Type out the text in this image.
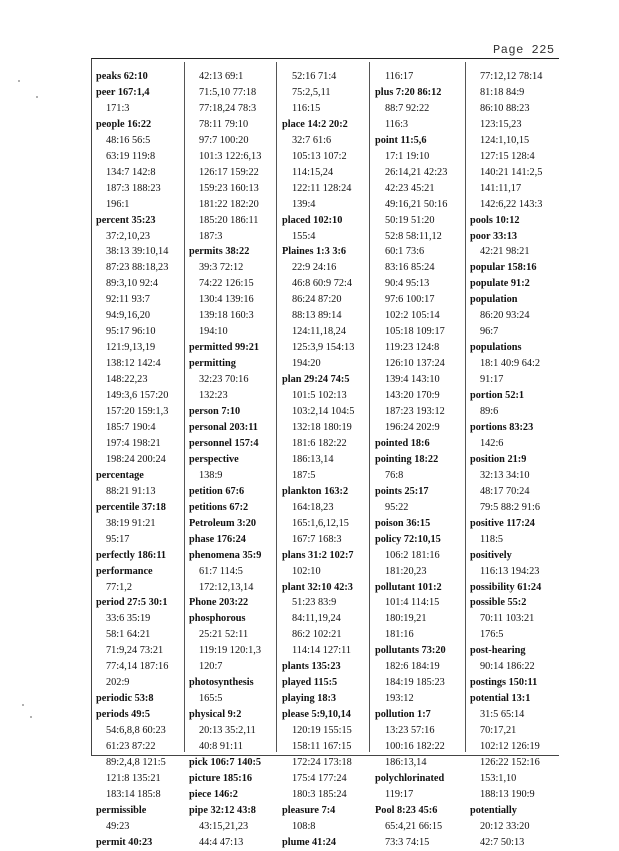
Page 225
peaks 62:10
peer 167:1,4
171:3
people 16:22
48:16 56:5
63:19 119:8
134:7 142:8
187:3 188:23
196:1
percent 35:23
37:2,10,23
38:13 39:10,14
87:23 88:18,23
89:3,10 92:4
92:11 93:7
94:9,16,20
95:17 96:10
121:9,13,19
138:12 142:4
148:22,23
149:3,6 157:20
157:20 159:1,3
185:7 190:4
197:4 198:21
198:24 200:24
percentage
88:21 91:13
percentile 37:18
38:19 91:21
95:17
perfectly 186:11
performance
77:1,2
period 27:5 30:1
33:6 35:19
58:1 64:21
71:9,24 73:21
77:4,14 187:16
202:9
periodic 53:8
periods 49:5
54:6,8,8 60:23
61:23 87:22
89:2,4,8 121:5
121:8 135:21
183:14 185:8
permissible
49:23
permit 40:23
42:13 69:1
71:5,10 77:18
77:18,24 78:3
78:11 79:10
97:7 100:20
101:3 122:6,13
126:17 159:22
159:23 160:13
181:22 182:20
185:20 186:11
187:3
permits 38:22
39:3 72:12
74:22 126:15
130:4 139:16
139:18 160:3
194:10
permitted 99:21
permitting
32:23 70:16
132:23
person 7:10
personal 203:11
personnel 157:4
perspective
138:9
petition 67:6
petitions 67:2
Petroleum 3:20
phase 176:24
phenomena 35:9
61:7 114:5
172:12,13,14
Phone 203:22
phosphorous
25:21 52:11
119:19 120:1,3
120:7
photosynthesis
165:5
physical 9:2
20:13 35:2,11
40:8 91:11
pick 106:7 140:5
picture 185:16
piece 146:2
pipe 32:12 43:8
43:15,21,23
44:4 47:13
52:16 71:4
75:2,5,11
116:15
place 14:2 20:2
32:7 61:6
105:13 107:2
114:15,24
122:11 128:24
139:4
placed 102:10
155:4
Plaines 1:3 3:6
22:9 24:16
46:8 60:9 72:4
86:24 87:20
88:13 89:14
124:11,18,24
125:3,9 154:13
194:20
plan 29:24 74:5
101:5 102:13
103:2,14 104:5
132:18 180:19
181:6 182:22
186:13,14
187:5
plankton 163:2
164:18,23
165:1,6,12,15
167:7 168:3
plans 31:2 102:7
102:10
plant 32:10 42:3
51:23 83:9
84:11,19,24
86:2 102:21
114:14 127:11
plants 135:23
played 115:5
playing 18:3
please 5:9,10,14
120:19 155:15
158:11 167:15
172:24 173:18
175:4 177:24
180:3 185:24
pleasure 7:4
108:8
plume 41:24
116:17
plus 7:20 86:12
88:7 92:22
116:3
point 11:5,6
17:1 19:10
26:14,21 42:23
42:23 45:21
49:16,21 50:16
50:19 51:20
52:8 58:11,12
60:1 73:6
83:16 85:24
90:4 95:13
97:6 100:17
102:2 105:14
105:18 109:17
119:23 124:8
126:10 137:24
139:4 143:10
143:20 170:9
187:23 193:12
196:24 202:9
pointed 18:6
pointing 18:22
76:8
points 25:17
95:22
poison 36:15
policy 72:10,15
106:2 181:16
181:20,23
pollutant 101:2
101:4 114:15
180:19,21
181:16
pollutants 73:20
182:6 184:19
184:19 185:23
193:12
pollution 1:7
13:23 57:16
100:16 182:22
186:13,14
polychlorinated
119:17
Pool 8:23 45:6
65:4,21 66:15
73:3 74:15
77:12,12 78:14
81:18 84:9
86:10 88:23
123:15,23
124:1,10,15
127:15 128:4
140:21 141:2,5
141:11,17
142:6,22 143:3
pools 10:12
poor 33:13
42:21 98:21
popular 158:16
populate 91:2
population
86:20 93:24
96:7
populations
18:1 40:9 64:2
91:17
portion 52:1
89:6
portions 83:23
142:6
position 21:9
32:13 34:10
48:17 70:24
79:5 88:2 91:6
positive 117:24
118:5
positively
116:13 194:23
possibility 61:24
possible 55:2
70:11 103:21
176:5
post-hearing
90:14 186:22
postings 150:11
potential 13:1
31:5 65:14
70:17,21
102:12 126:19
126:22 152:16
153:1,10
188:13 190:9
potentially
20:12 33:20
42:7 50:13
